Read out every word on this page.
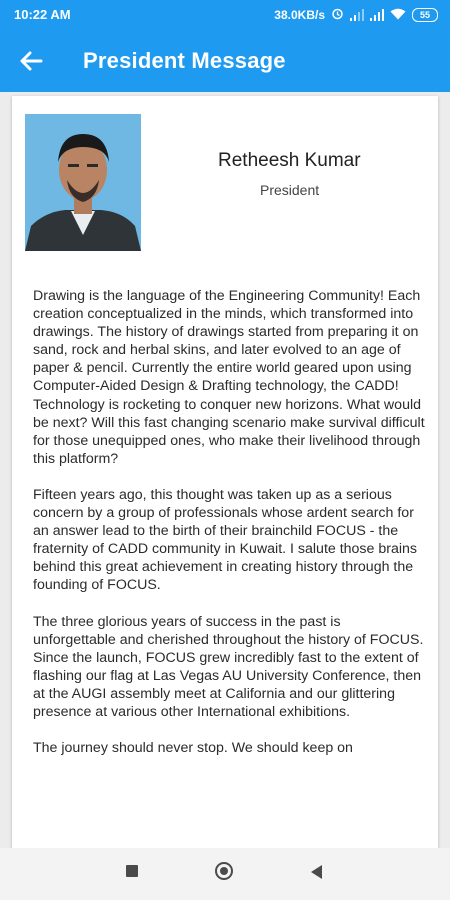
10:22 AM	38.0KB/s	55
President Message
Retheesh Kumar
President

Drawing is the language of the Engineering Community! Each creation conceptualized in the minds, which transformed into drawings. The history of drawings started from preparing it on sand, rock and herbal skins, and later evolved to an age of paper & pencil. Currently the entire world geared upon using Computer-Aided Design & Drafting technology, the CADD! Technology is rocketing to conquer new horizons. What would be next? Will this fast changing scenario make survival difficult for those unequipped ones, who make their livelihood through this platform?

Fifteen years ago, this thought was taken up as a serious concern by a group of professionals whose ardent search for an answer lead to the birth of their brainchild FOCUS - the fraternity of CADD community in Kuwait. I salute those brains behind this great achievement in creating history through the founding of FOCUS.

The three glorious years of success in the past is unforgettable and cherished throughout the history of FOCUS. Since the launch, FOCUS grew incredibly fast to the extent of flashing our flag at Las Vegas AU University Conference, then at the AUGI assembly meet at California and our glittering presence at various other International exhibitions.

The journey should never stop. We should keep on
